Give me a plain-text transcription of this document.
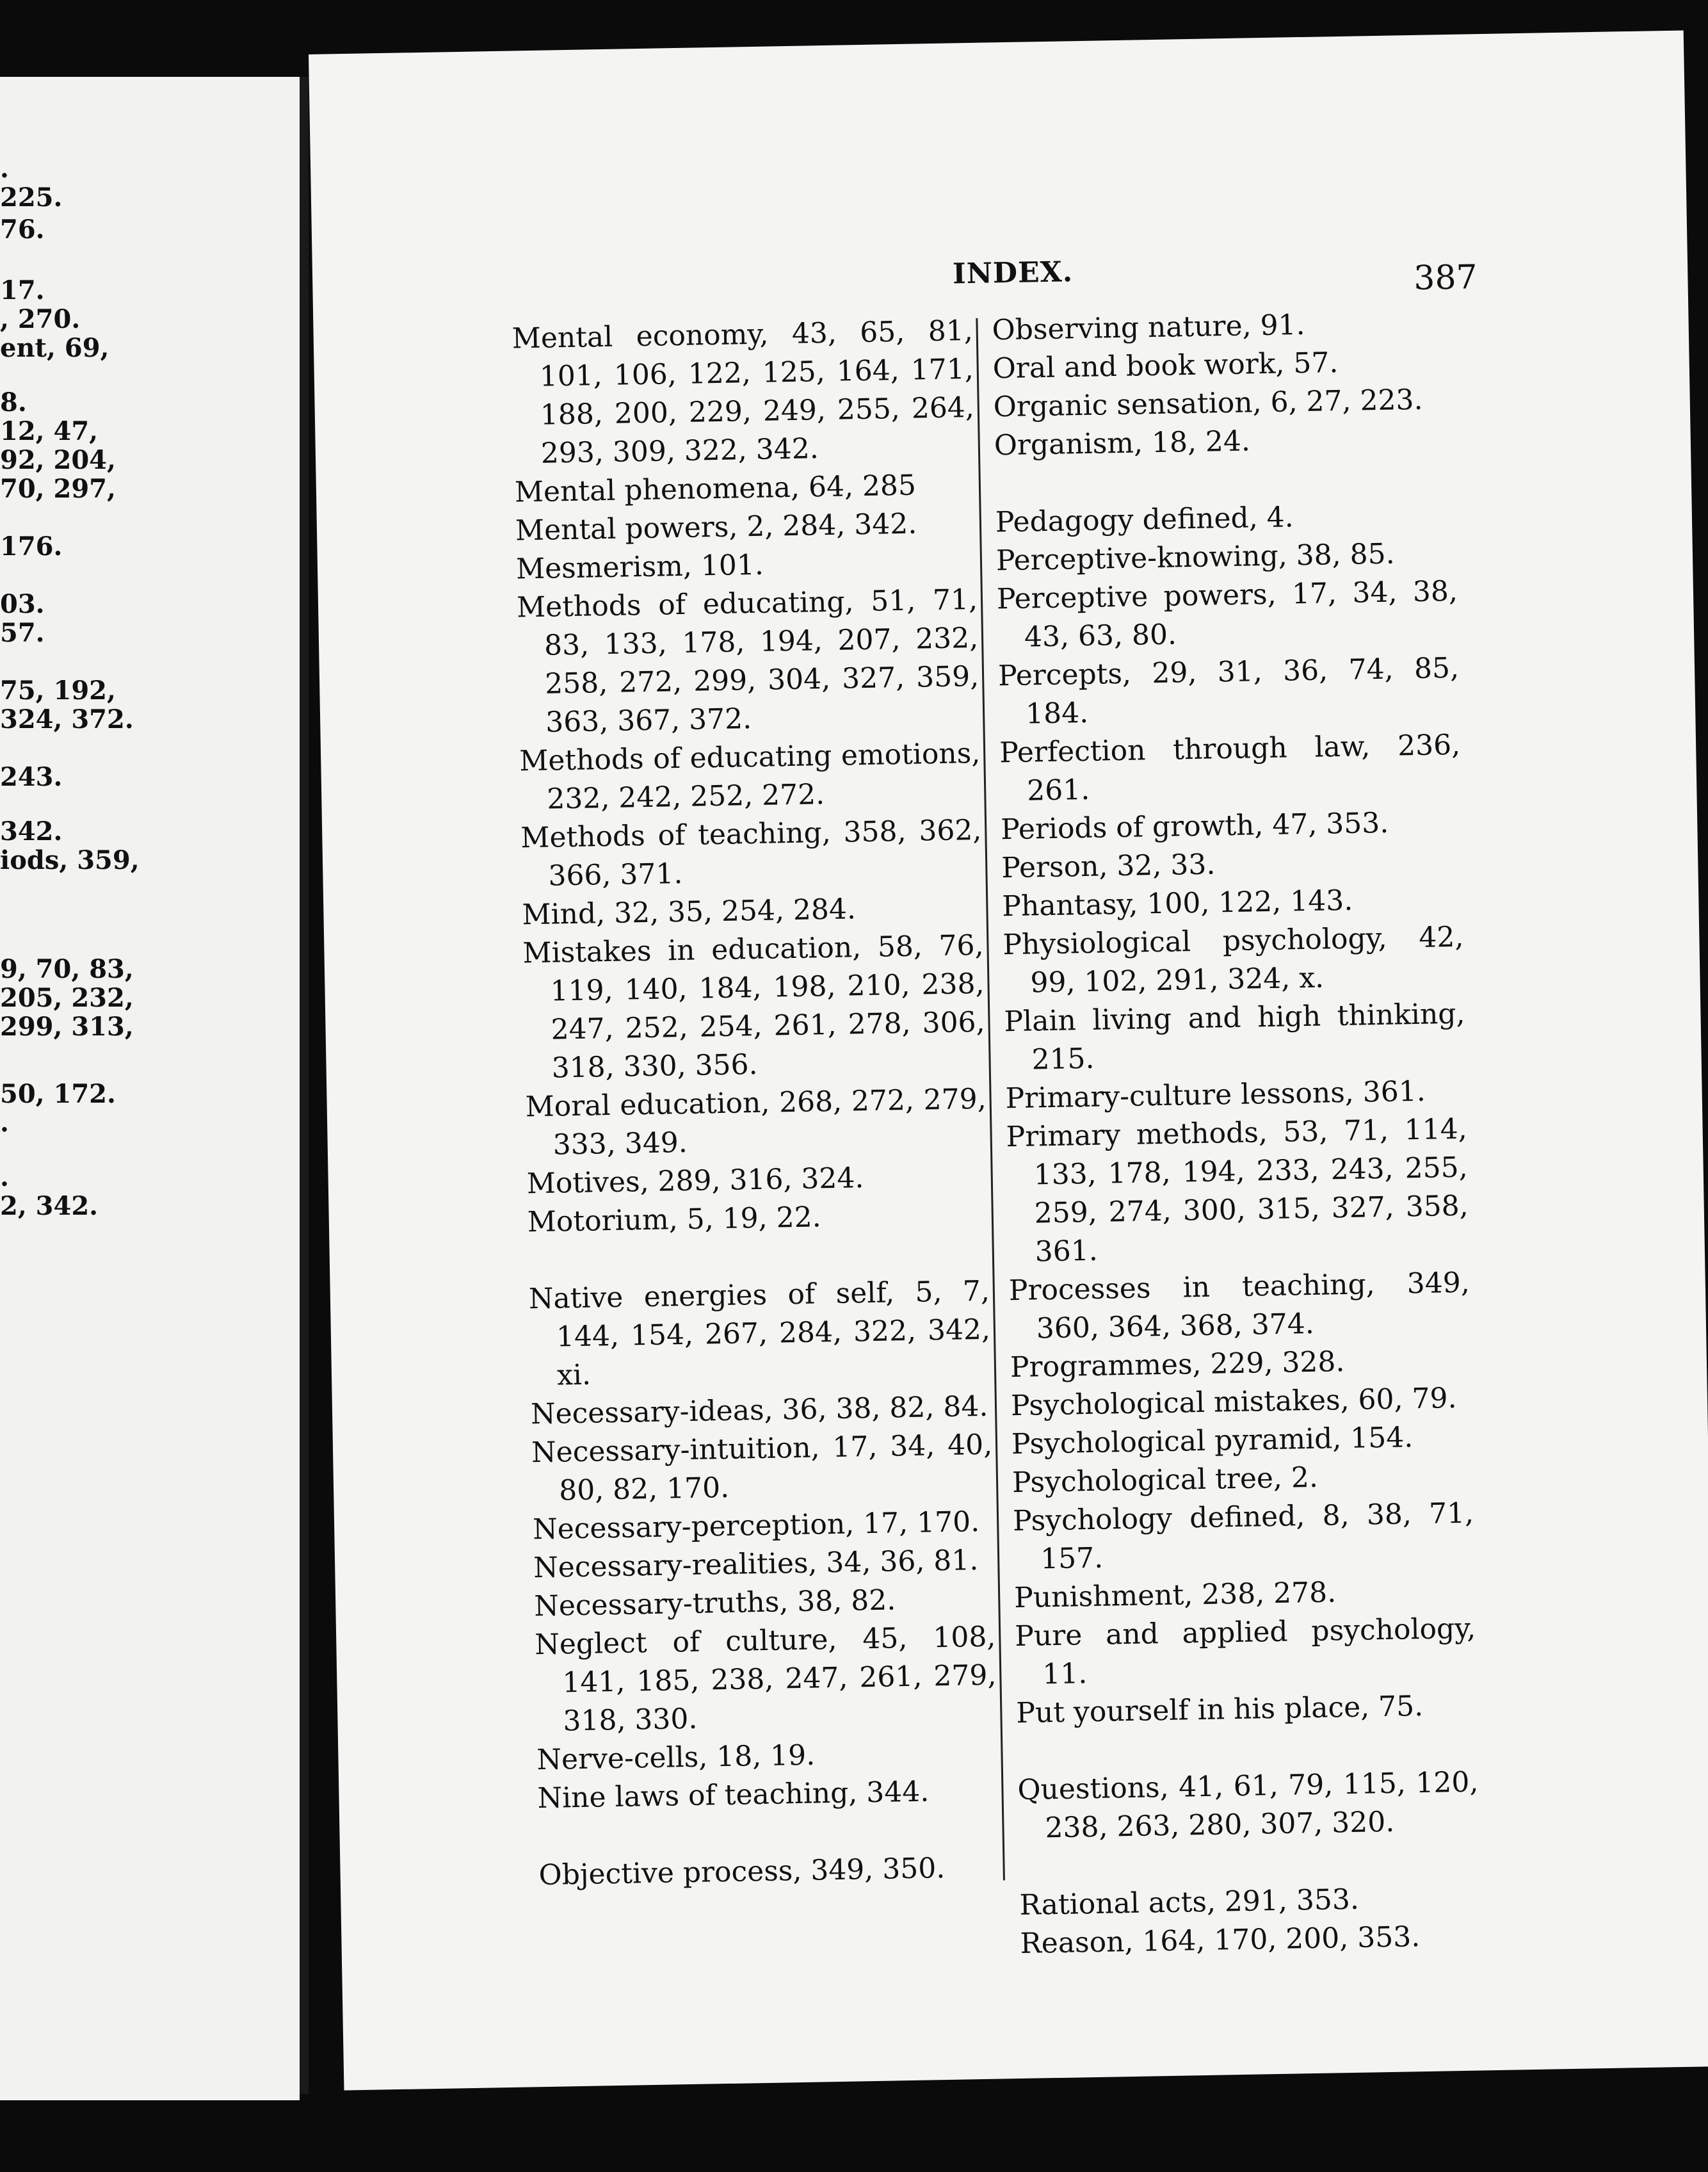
.
225.
76.
17.
, 270.
ent, 69,
8.
12, 47,
92, 204,
70, 297,
176.
03.
57.
75, 192,
324, 372.
243.
342.
iods, 359,
9, 70, 83,
205, 232,
299, 313,
50, 172.
.
.
2, 342.
INDEX.	387
Mental economy, 43, 65, 81, 101, 106, 122, 125, 164, 171, 188, 200, 229, 249, 255, 264, 293, 309, 322, 342.
Mental phenomena, 64, 285
Mental powers, 2, 284, 342.
Mesmerism, 101.
Methods of educating, 51, 71, 83, 133, 178, 194, 207, 232, 258, 272, 299, 304, 327, 359, 363, 367, 372.
Methods of educating emotions, 232, 242, 252, 272.
Methods of teaching, 358, 362, 366, 371.
Mind, 32, 35, 254, 284.
Mistakes in education, 58, 76, 119, 140, 184, 198, 210, 238, 247, 252, 254, 261, 278, 306, 318, 330, 356.
Moral education, 268, 272, 279, 333, 349.
Motives, 289, 316, 324.
Motorium, 5, 19, 22.
Native energies of self, 5, 7, 144, 154, 267, 284, 322, 342, xi.
Necessary-ideas, 36, 38, 82, 84.
Necessary-intuition, 17, 34, 40, 80, 82, 170.
Necessary-perception, 17, 170.
Necessary-realities, 34, 36, 81.
Necessary-truths, 38, 82.
Neglect of culture, 45, 108, 141, 185, 238, 247, 261, 279, 318, 330.
Nerve-cells, 18, 19.
Nine laws of teaching, 344.
Objective process, 349, 350.
Observing nature, 91.
Oral and book work, 57.
Organic sensation, 6, 27, 223.
Organism, 18, 24.
Pedagogy defined, 4.
Perceptive-knowing, 38, 85.
Perceptive powers, 17, 34, 38, 43, 63, 80.
Percepts, 29, 31, 36, 74, 85, 184.
Perfection through law, 236, 261.
Periods of growth, 47, 353.
Person, 32, 33.
Phantasy, 100, 122, 143.
Physiological psychology, 42, 99, 102, 291, 324, x.
Plain living and high thinking, 215.
Primary-culture lessons, 361.
Primary methods, 53, 71, 114, 133, 178, 194, 233, 243, 255, 259, 274, 300, 315, 327, 358, 361.
Processes in teaching, 349, 360, 364, 368, 374.
Programmes, 229, 328.
Psychological mistakes, 60, 79.
Psychological pyramid, 154.
Psychological tree, 2.
Psychology defined, 8, 38, 71, 157.
Punishment, 238, 278.
Pure and applied psychology, 11.
Put yourself in his place, 75.
Questions, 41, 61, 79, 115, 120, 238, 263, 280, 307, 320.
Rational acts, 291, 353.
Reason, 164, 170, 200, 353.
